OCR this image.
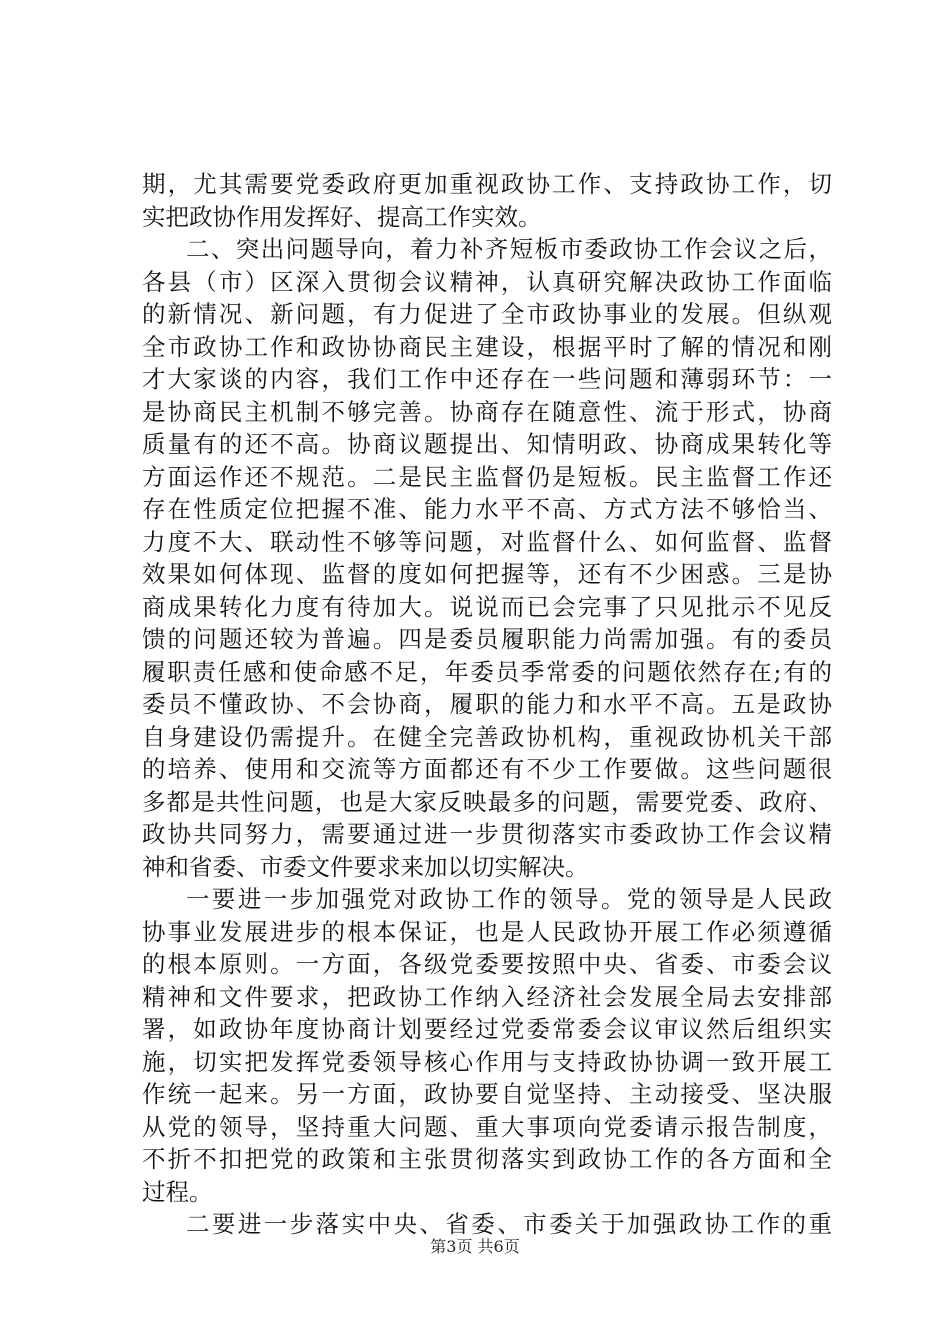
期，尤其需要党委政府更加重视政协工作、支持政协工作，切
实把政协作用发挥好、提高工作实效。
二、突出问题导向，着力补齐短板市委政协工作会议之后，
各县（市）区深入贯彻会议精神，认真研究解决政协工作面临
的新情况、新问题，有力促进了全市政协事业的发展。但纵观
全市政协工作和政协协商民主建设，根据平时了解的情况和刚
才大家谈的内容，我们工作中还存在一些问题和薄弱环节：一
是协商民主机制不够完善。协商存在随意性、流于形式，协商
质量有的还不高。协商议题提出、知情明政、协商成果转化等
方面运作还不规范。二是民主监督仍是短板。民主监督工作还
存在性质定位把握不准、能力水平不高、方式方法不够恰当、
力度不大、联动性不够等问题，对监督什么、如何监督、监督
效果如何体现、监督的度如何把握等，还有不少困惑。三是协
商成果转化力度有待加大。说说而已会完事了只见批示不见反
馈的问题还较为普遍。四是委员履职能力尚需加强。有的委员
履职责任感和使命感不足，年委员季常委的问题依然存在;有的
委员不懂政协、不会协商，履职的能力和水平不高。五是政协
自身建设仍需提升。在健全完善政协机构，重视政协机关干部
的培养、使用和交流等方面都还有不少工作要做。这些问题很
多都是共性问题，也是大家反映最多的问题，需要党委、政府、
政协共同努力，需要通过进一步贯彻落实市委政协工作会议精
神和省委、市委文件要求来加以切实解决。
一要进一步加强党对政协工作的领导。党的领导是人民政
协事业发展进步的根本保证，也是人民政协开展工作必须遵循
的根本原则。一方面，各级党委要按照中央、省委、市委会议
精神和文件要求，把政协工作纳入经济社会发展全局去安排部
署，如政协年度协商计划要经过党委常委会议审议然后组织实
施，切实把发挥党委领导核心作用与支持政协协调一致开展工
作统一起来。另一方面，政协要自觉坚持、主动接受、坚决服
从党的领导，坚持重大问题、重大事项向党委请示报告制度，
不折不扣把党的政策和主张贯彻落实到政协工作的各方面和全
过程。
二要进一步落实中央、省委、市委关于加强政协工作的重
第3页 共6页
